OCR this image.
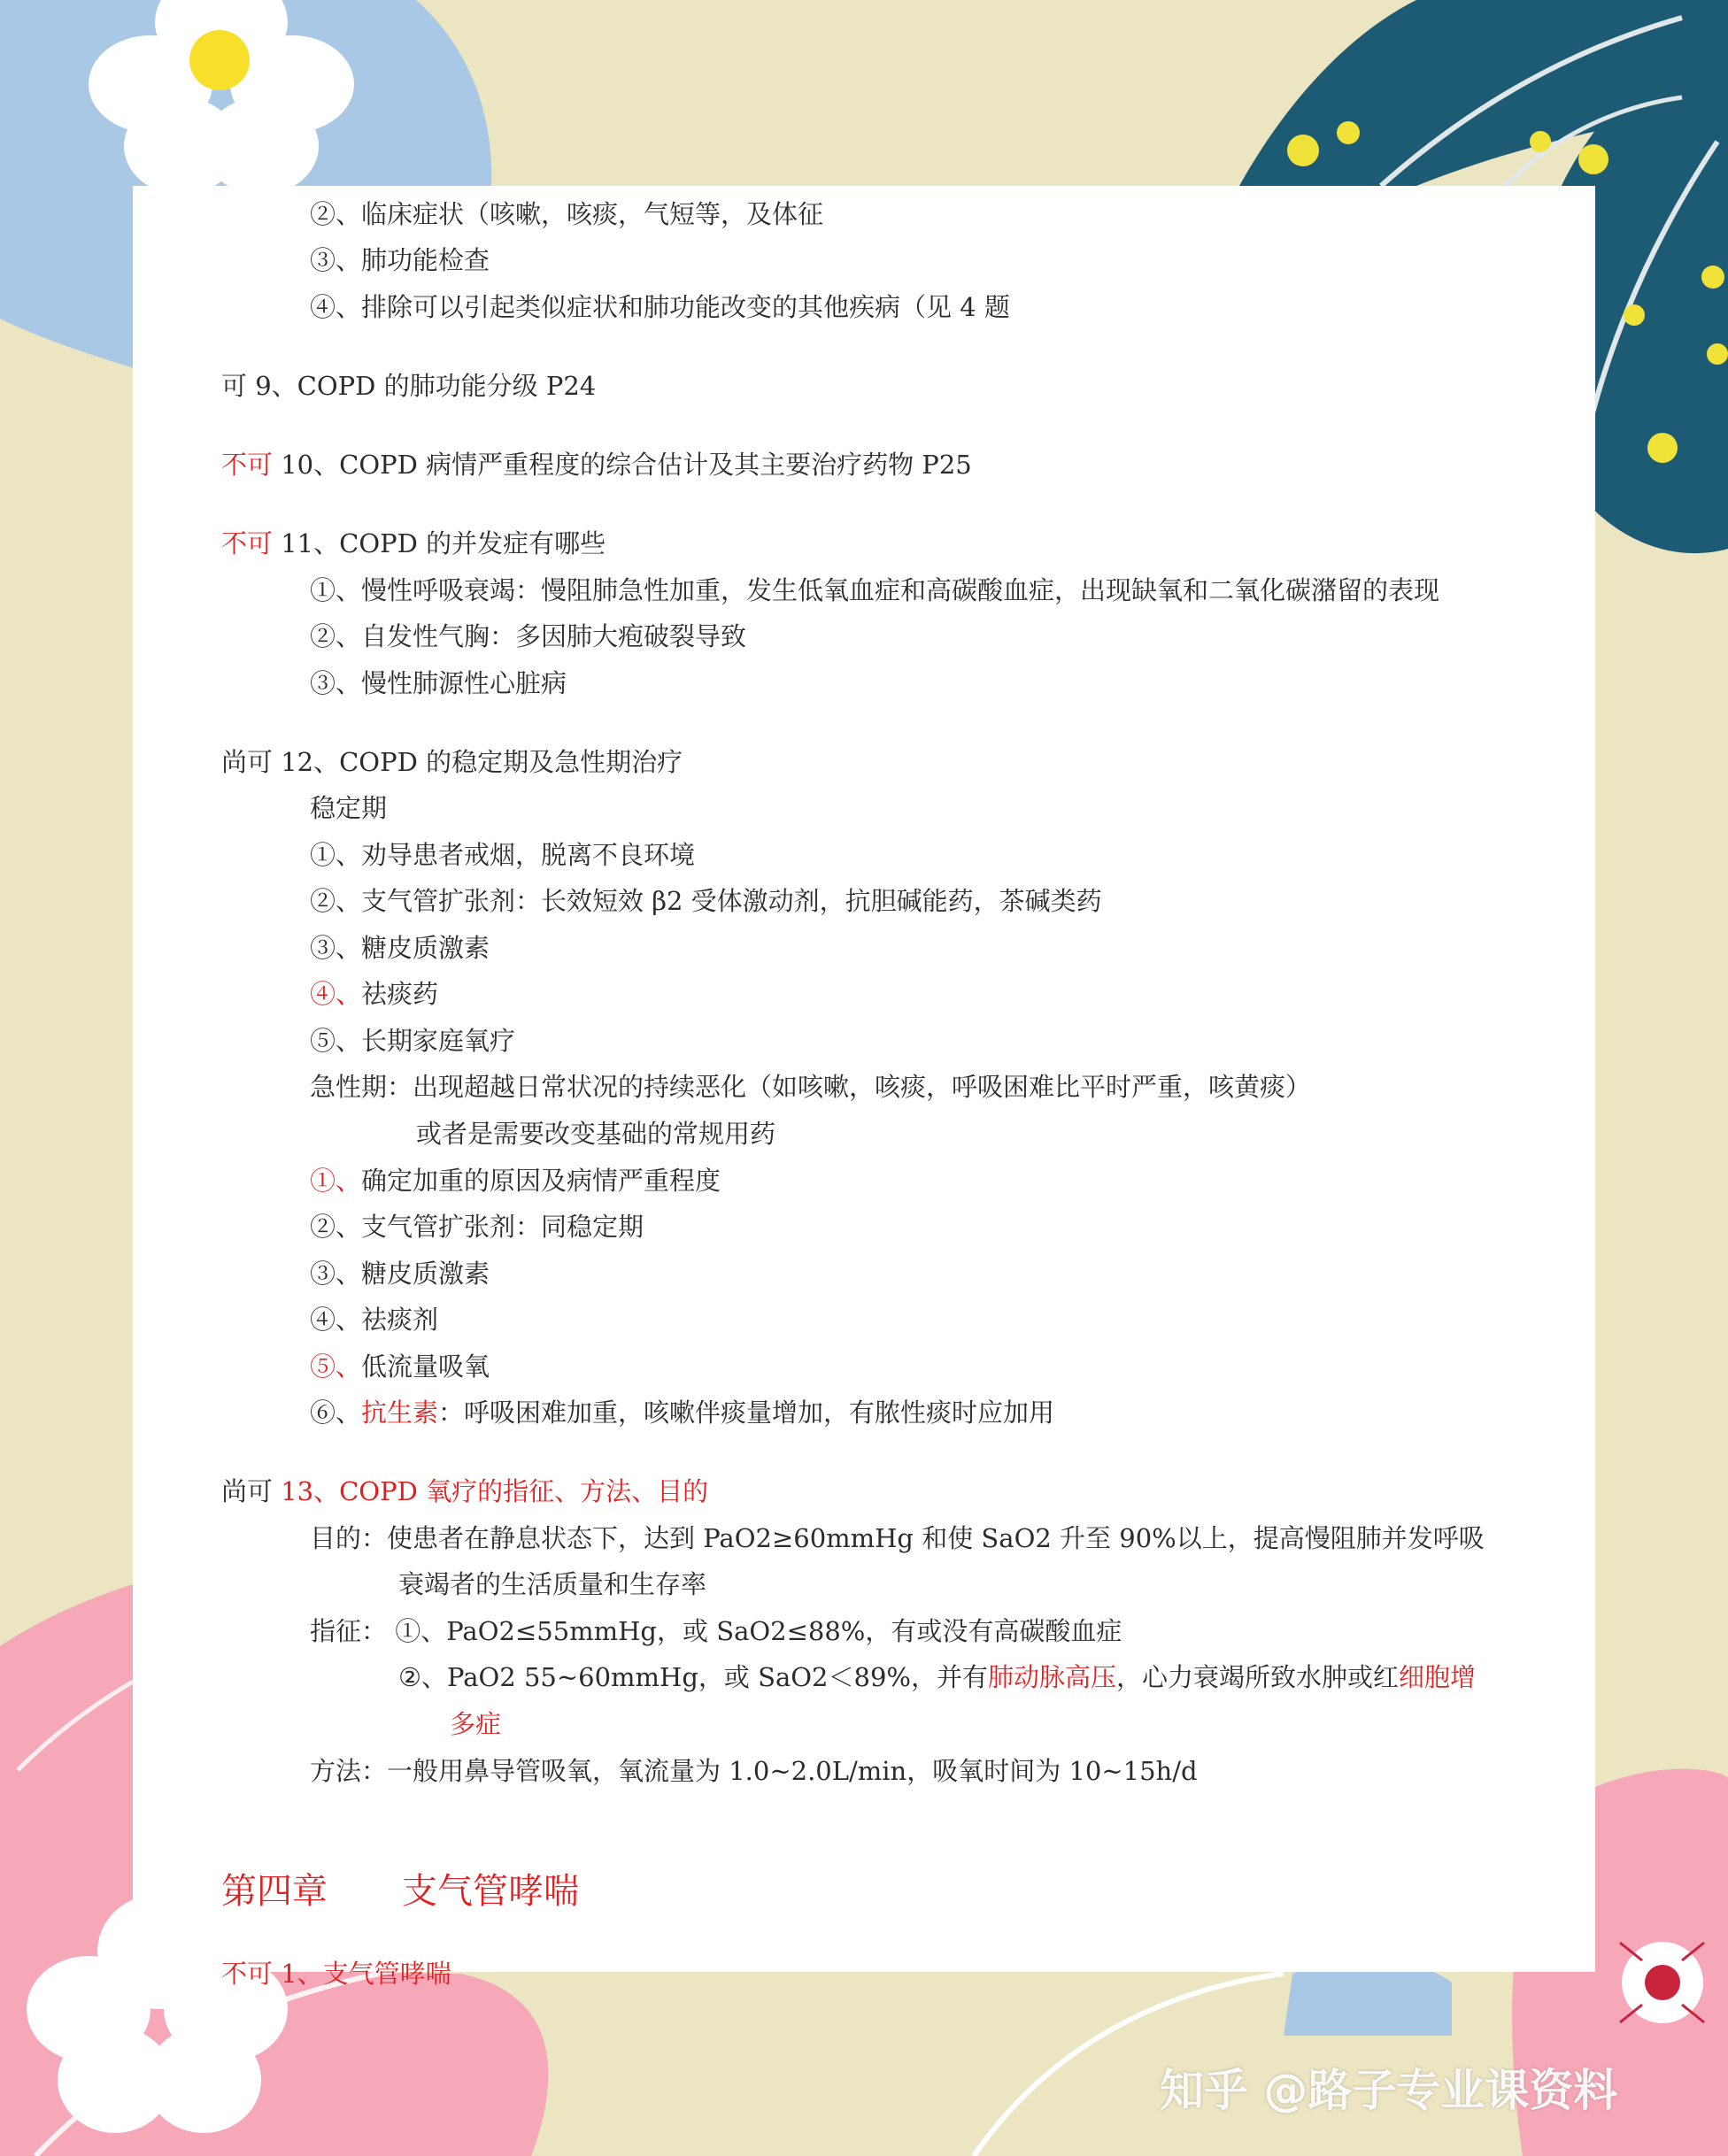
②、临床症状（咳嗽，咳痰，气短等，及体征
③、肺功能检查
④、排除可以引起类似症状和肺功能改变的其他疾病（见 4 题
可 9、COPD 的肺功能分级 P24
不可 10、COPD 病情严重程度的综合估计及其主要治疗药物 P25
不可 11、COPD 的并发症有哪些
①、慢性呼吸衰竭：慢阻肺急性加重，发生低氧血症和高碳酸血症，出现缺氧和二氧化碳潴留的表现
②、自发性气胸：多因肺大疱破裂导致
③、慢性肺源性心脏病
尚可 12、COPD 的稳定期及急性期治疗
稳定期
①、劝导患者戒烟，脱离不良环境
②、支气管扩张剂：长效短效 β2 受体激动剂，抗胆碱能药，茶碱类药
③、糖皮质激素
④、祛痰药
⑤、长期家庭氧疗
急性期：出现超越日常状况的持续恶化（如咳嗽，咳痰，呼吸困难比平时严重，咳黄痰）
或者是需要改变基础的常规用药
①、确定加重的原因及病情严重程度
②、支气管扩张剂：同稳定期
③、糖皮质激素
④、祛痰剂
⑤、低流量吸氧
⑥、抗生素：呼吸困难加重，咳嗽伴痰量增加，有脓性痰时应加用
尚可 13、COPD 氧疗的指征、方法、目的
目的：使患者在静息状态下，达到 PaO2≥60mmHg 和使 SaO2 升至 90%以上，提高慢阻肺并发呼吸
衰竭者的生活质量和生存率
指征： ①、PaO2≤55mmHg，或 SaO2≤88%，有或没有高碳酸血症
②、PaO2 55~60mmHg，或 SaO2＜89%，并有肺动脉高压，心力衰竭所致水肿或红细胞增
多症
方法：一般用鼻导管吸氧，氧流量为 1.0~2.0L/min，吸氧时间为 10~15h/d
第四章 支气管哮喘
不可 1、支气管哮喘
知乎 @路子专业课资料
